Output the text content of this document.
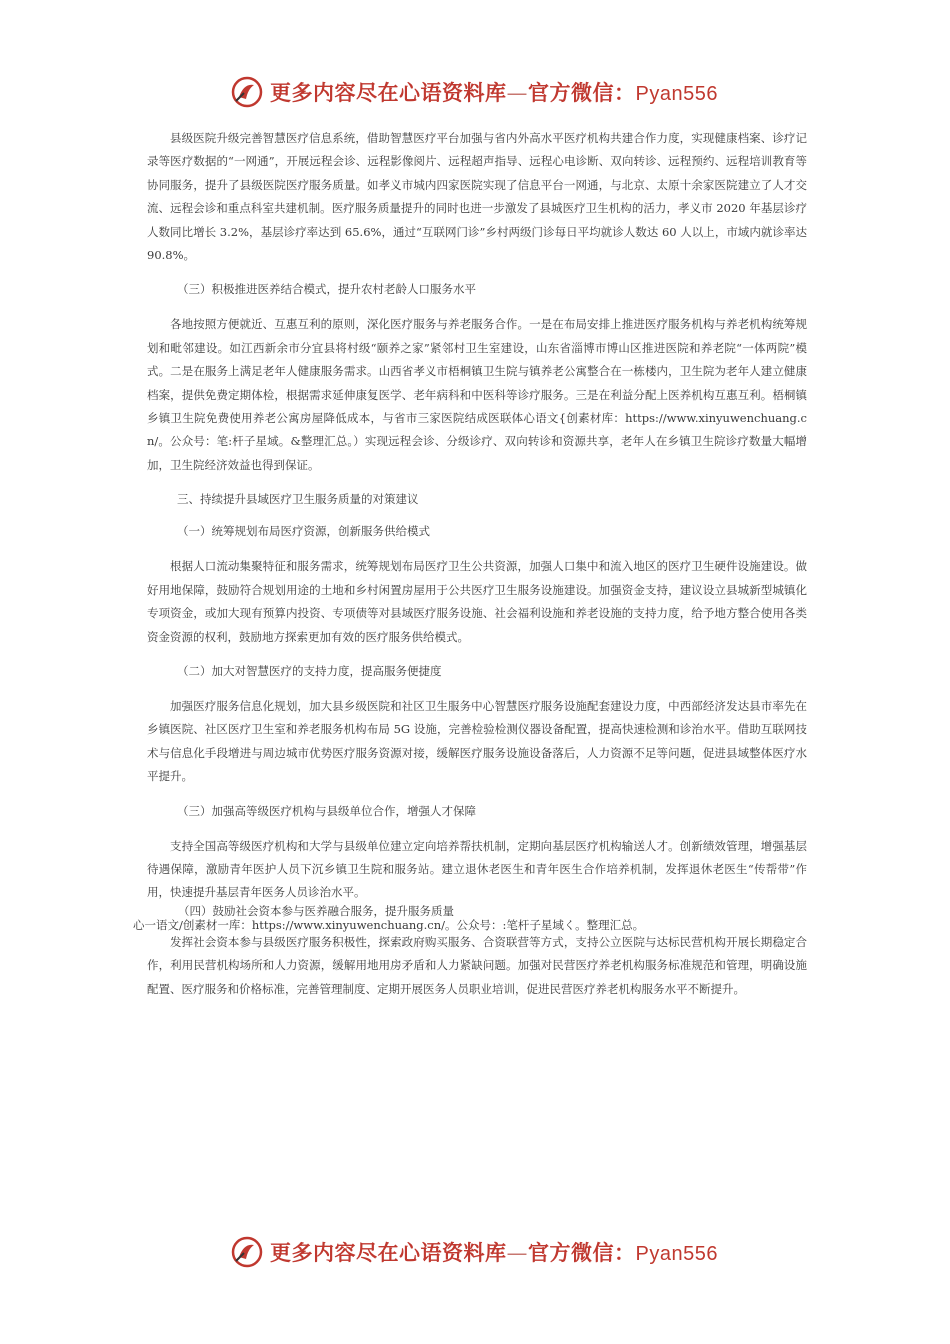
更多内容尽在心语资料库—官方微信：Pyan556

县级医院升级完善智慧医疗信息系统，借助智慧医疗平台加强与省内外高水平医疗机构共建合作力度，实现健康档案、诊疗记录等医疗数据的“一网通”，开展远程会诊、远程影像阅片、远程超声指导、远程心电诊断、双向转诊、远程预约、远程培训教育等协同服务，提升了县级医院医疗服务质量。如孝义市城内四家医院实现了信息平台一网通，与北京、太原十余家医院建立了人才交流、远程会诊和重点科室共建机制。医疗服务质量提升的同时也进一步激发了县城医疗卫生机构的活力，孝义市 2020 年基层诊疗人数同比增长 3.2%，基层诊疗率达到 65.6%，通过“互联网门诊”乡村两级门诊每日平均就诊人数达 60 人以上，市域内就诊率达 90.8%。

（三）积极推进医养结合模式，提升农村老龄人口服务水平

各地按照方便就近、互惠互利的原则，深化医疗服务与养老服务合作。一是在布局安排上推进医疗服务机构与养老机构统筹规划和毗邻建设。如江西新余市分宜县将村级“颐养之家”紧邻村卫生室建设，山东省淄博市博山区推进医院和养老院“一体两院”模式。二是在服务上满足老年人健康服务需求。山西省孝义市梧桐镇卫生院与镇养老公寓整合在一栋楼内，卫生院为老年人建立健康档案，提供免费定期体检，根据需求延伸康复医学、老年病科和中医科等诊疗服务。三是在利益分配上医养机构互惠互利。梧桐镇乡镇卫生院免费使用养老公寓房屋降低成本，与省市三家医院结成医联体心语文{创素材库：https://www.xinyuwenchuang.cn/。公众号：笔:杆子星域。&整理汇总。）实现远程会诊、分级诊疗、双向转诊和资源共享，老年人在乡镇卫生院诊疗数量大幅增加，卫生院经济效益也得到保证。

三、持续提升县域医疗卫生服务质量的对策建议

（一）统筹规划布局医疗资源，创新服务供给模式

根据人口流动集聚特征和服务需求，统筹规划布局医疗卫生公共资源，加强人口集中和流入地区的医疗卫生硬件设施建设。做好用地保障，鼓励符合规划用途的土地和乡村闲置房屋用于公共医疗卫生服务设施建设。加强资金支持，建议设立县城新型城镇化专项资金，或加大现有预算内投资、专项债等对县域医疗服务设施、社会福利设施和养老设施的支持力度，给予地方整合使用各类资金资源的权利，鼓励地方探索更加有效的医疗服务供给模式。

（二）加大对智慧医疗的支持力度，提高服务便捷度

加强医疗服务信息化规划，加大县乡级医院和社区卫生服务中心智慧医疗服务设施配套建设力度，中西部经济发达县市率先在乡镇医院、社区医疗卫生室和养老服务机构布局 5G 设施，完善检验检测仪器设备配置，提高快速检测和诊治水平。借助互联网技术与信息化手段增进与周边城市优势医疗服务资源对接，缓解医疗服务设施设备落后，人力资源不足等问题，促进县域整体医疗水平提升。

（三）加强高等级医疗机构与县级单位合作，增强人才保障

支持全国高等级医疗机构和大学与县级单位建立定向培养帮扶机制，定期向基层医疗机构输送人才。创新绩效管理，增强基层待遇保障，激励青年医护人员下沉乡镇卫生院和服务站。建立退休老医生和青年医生合作培养机制，发挥退休老医生“传帮带”作用，快速提升基层青年医务人员诊治水平。

（四）鼓励社会资本参与医养融合服务，提升服务质量
心一语文/创素材一库：https://www.xinyuwenchuang.cn/。公众号：:笔杆子星域く。整理汇总。

发挥社会资本参与县级医疗服务积极性，探索政府购买服务、合资联营等方式，支持公立医院与达标民营机构开展长期稳定合作，利用民营机构场所和人力资源，缓解用地用房矛盾和人力紧缺问题。加强对民营医疗养老机构服务标准规范和管理，明确设施配置、医疗服务和价格标准，完善管理制度、定期开展医务人员职业培训，促进民营医疗养老机构服务水平不断提升。

更多内容尽在心语资料库—官方微信：Pyan556
